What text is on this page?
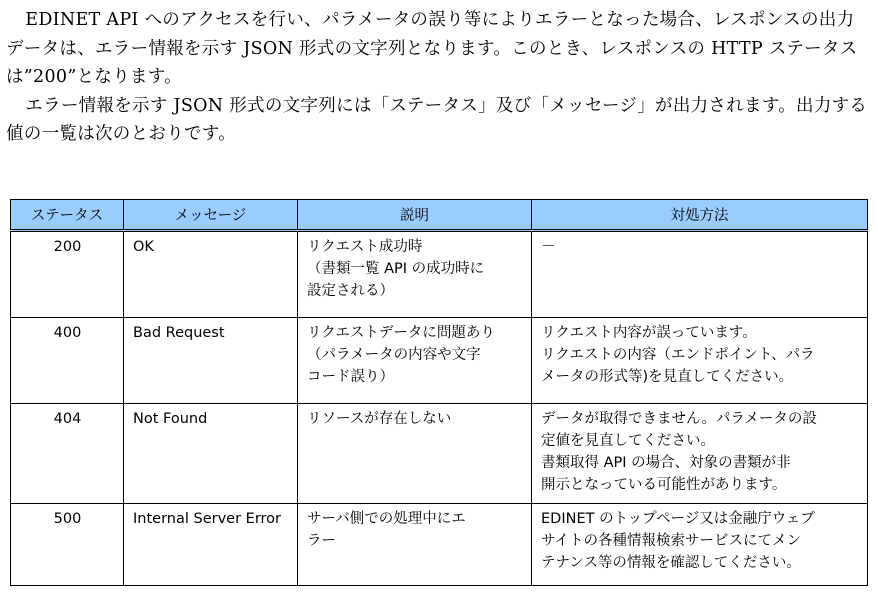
EDINET API へのアクセスを行い、パラメータの誤り等によりエラーとなった場合、レスポンスの出力データは、エラー情報を示す JSON 形式の文字列となります。このとき、レスポンスの HTTP ステータスは”200”となります。

エラー情報を示す JSON 形式の文字列には「ステータス」及び「メッセージ」が出力されます。出力する値の一覧は次のとおりです。

ステータス	メッセージ	説明	対処方法
200	OK	リクエスト成功時
（書類一覧 API の成功時に
設定される）	－

400	Bad Request	リクエストデータに問題あり
（パラメータの内容や文字
コード誤り）	リクエスト内容が誤っています。
リクエストの内容（エンドポイント、パラ
メータの形式等)を見直してください。

404	Not Found	リソースが存在しない	データが取得できません。パラメータの設
定値を見直してください。
書類取得 API の場合、対象の書類が非
開示となっている可能性があります。

500	Internal Server Error	サーバ側での処理中にエ
ラー	EDINET のトップページ又は金融庁ウェブ
サイトの各種情報検索サービスにてメン
テナンス等の情報を確認してください。
